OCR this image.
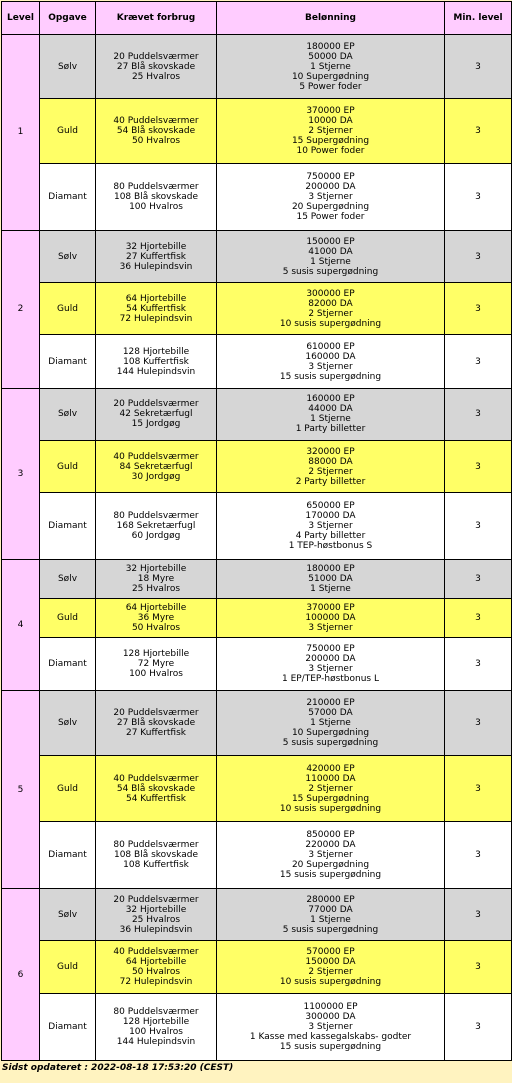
Level	Opgave	Krævet forbrug	Belønning	Min. level
1	Sølv	20 Puddelsværmer
27 Blå skovskade
25 Hvalros	180000 EP
50000 DA
1 Stjerne
10 Supergødning
5 Power foder	3
	Guld	40 Puddelsværmer
54 Blå skovskade
50 Hvalros	370000 EP
10000 DA
2 Stjerner
15 Supergødning
10 Power foder	3
	Diamant	80 Puddelsværmer
108 Blå skovskade
100 Hvalros	750000 EP
200000 DA
3 Stjerner
20 Supergødning
15 Power foder	3
2	Sølv	32 Hjortebille
27 Kuffertfisk
36 Hulepindsvin	150000 EP
41000 DA
1 Stjerne
5 susis supergødning	3
	Guld	64 Hjortebille
54 Kuffertfisk
72 Hulepindsvin	300000 EP
82000 DA
2 Stjerner
10 susis supergødning	3
	Diamant	128 Hjortebille
108 Kuffertfisk
144 Hulepindsvin	610000 EP
160000 DA
3 Stjerner
15 susis supergødning	3
3	Sølv	20 Puddelsværmer
42 Sekretærfugl
15 Jordgøg	160000 EP
44000 DA
1 Stjerne
1 Party billetter	3
	Guld	40 Puddelsværmer
84 Sekretærfugl
30 Jordgøg	320000 EP
88000 DA
2 Stjerner
2 Party billetter	3
	Diamant	80 Puddelsværmer
168 Sekretærfugl
60 Jordgøg	650000 EP
170000 DA
3 Stjerner
4 Party billetter
1 TEP-høstbonus S	3
4	Sølv	32 Hjortebille
18 Myre
25 Hvalros	180000 EP
51000 DA
1 Stjerne	3
	Guld	64 Hjortebille
36 Myre
50 Hvalros	370000 EP
100000 DA
3 Stjerner	3
	Diamant	128 Hjortebille
72 Myre
100 Hvalros	750000 EP
200000 DA
3 Stjerner
1 EP/TEP-høstbonus L	3
5	Sølv	20 Puddelsværmer
27 Blå skovskade
27 Kuffertfisk	210000 EP
57000 DA
1 Stjerne
10 Supergødning
5 susis supergødning	3
	Guld	40 Puddelsværmer
54 Blå skovskade
54 Kuffertfisk	420000 EP
110000 DA
2 Stjerner
15 Supergødning
10 susis supergødning	3
	Diamant	80 Puddelsværmer
108 Blå skovskade
108 Kuffertfisk	850000 EP
220000 DA
3 Stjerner
20 Supergødning
15 susis supergødning	3
6	Sølv	20 Puddelsværmer
32 Hjortebille
25 Hvalros
36 Hulepindsvin	280000 EP
77000 DA
1 Stjerne
5 susis supergødning	3
	Guld	40 Puddelsværmer
64 Hjortebille
50 Hvalros
72 Hulepindsvin	570000 EP
150000 DA
2 Stjerner
10 susis supergødning	3
	Diamant	80 Puddelsværmer
128 Hjortebille
100 Hvalros
144 Hulepindsvin	1100000 EP
300000 DA
3 Stjerner
1 Kasse med kassegalskabs- godter
15 susis supergødning	3
Sidst opdateret : 2022-08-18 17:53:20 (CEST)
